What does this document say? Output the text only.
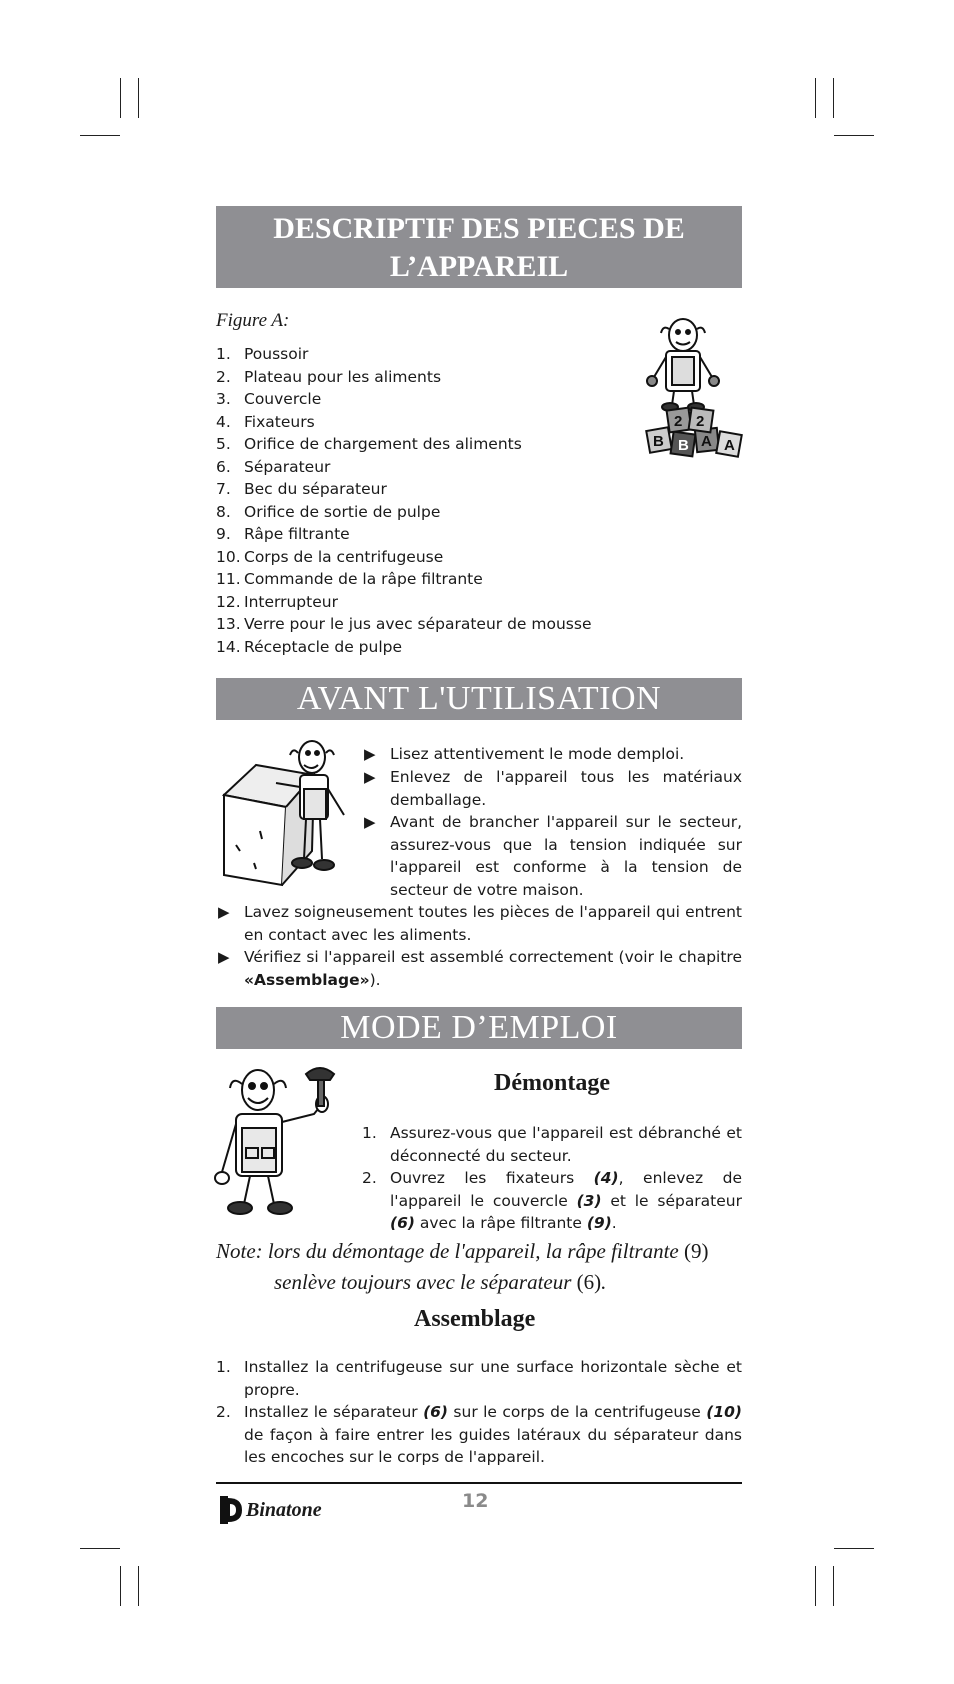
DESCRIPTIF DES PIECES DE
L’APPAREIL
Figure A:
1. Poussoir
2. Plateau pour les aliments
3. Couvercle
4. Fixateurs
5. Orifice de chargement des aliments
6. Séparateur
7. Bec du séparateur
8. Orifice de sortie de pulpe
9. Râpe filtrante
10. Corps de la centrifugeuse
11. Commande de la râpe filtrante
12. Interrupteur
13. Verre pour le jus avec séparateur de mousse
14. Réceptacle de pulpe
B B A A
2 2
AVANT L'UTILISATION
▶ Lisez attentivement le mode demploi.
▶ Enlevez de l'appareil tous les matériaux demballage.
▶ Avant de brancher l'appareil sur le secteur, assurez-vous que la tension indiquée sur l'appareil est conforme à la tension de secteur de votre maison.
▶ Lavez soigneusement toutes les pièces de l'appareil qui entrent en contact avec les aliments.
▶ Vérifiez si l'appareil est assemblé correctement (voir le chapitre «Assemblage»).
MODE D’EMPLOI
Démontage
1. Assurez-vous que l'appareil est débranché et déconnecté du secteur.
2. Ouvrez les fixateurs (4), enlevez de l'appareil le couvercle (3) et le séparateur (6) avec la râpe filtrante (9).
Note: lors du démontage de l'appareil, la râpe filtrante (9)
senlève toujours avec le séparateur (6).
Assemblage
1. Installez la centrifugeuse sur une surface horizontale sèche et propre.
2. Installez le séparateur (6) sur le corps de la centrifugeuse (10) de façon à faire entrer les guides latéraux du séparateur dans les encoches sur le corps de l'appareil.
Binatone	12
